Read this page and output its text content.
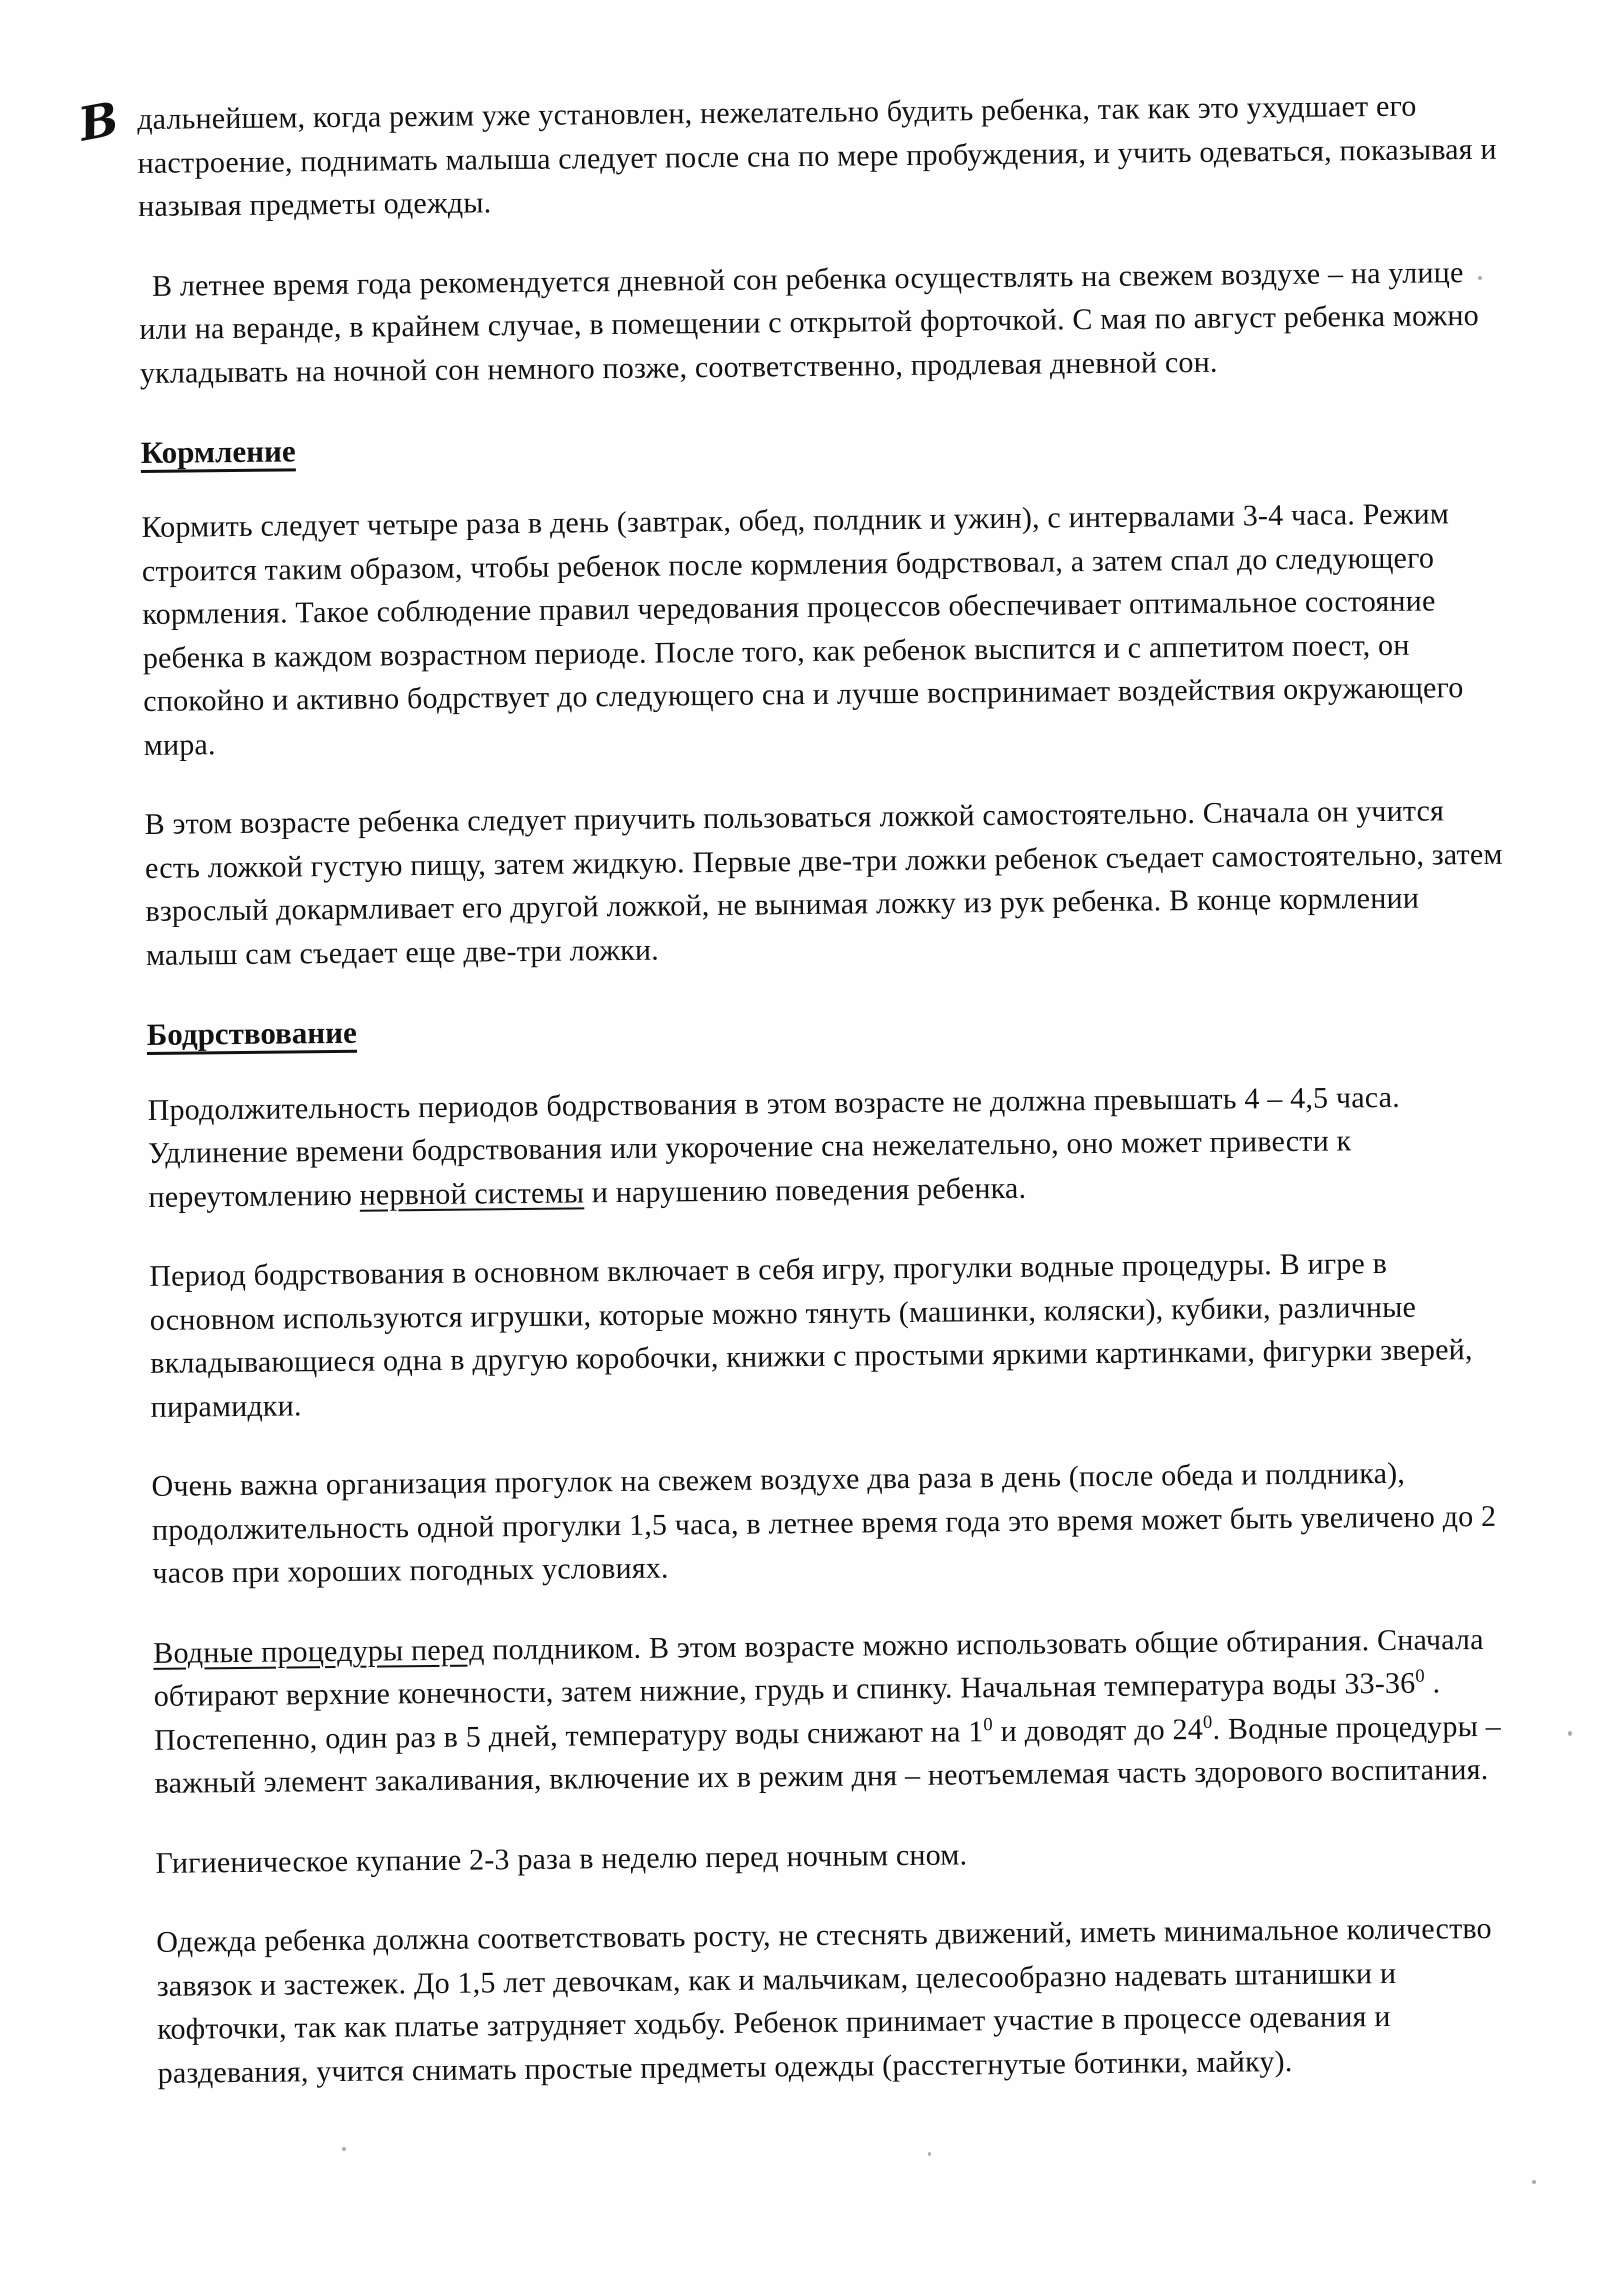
дальнейшем, когда режим уже установлен, нежелательно будить ребенка, так как это ухудшает его настроение, поднимать малыша следует после сна по мере пробуждения, и учить одеваться, показывая и называя предметы одежды.
В

В летнее время года рекомендуется дневной сон ребенка осуществлять на свежем воздухе – на улице или на веранде, в крайнем случае, в помещении с открытой форточкой. С мая по август ребенка можно укладывать на ночной сон немного позже, соответственно, продлевая дневной сон.

Кормление

Кормить следует четыре раза в день (завтрак, обед, полдник и ужин), с интервалами 3-4 часа. Режим строится таким образом, чтобы ребенок после кормления бодрствовал, а затем спал до следующего кормления. Такое соблюдение правил чередования процессов обеспечивает оптимальное состояние ребенка в каждом возрастном периоде. После того, как ребенок выспится и с аппетитом поест, он спокойно и активно бодрствует до следующего сна и лучше воспринимает воздействия окружающего мира.

В этом возрасте ребенка следует приучить пользоваться ложкой самостоятельно. Сначала он учится есть ложкой густую пищу, затем жидкую. Первые две-три ложки ребенок съедает самостоятельно, затем взрослый докармливает его другой ложкой, не вынимая ложку из рук ребенка. В конце кормлении малыш сам съедает еще две-три ложки.

Бодрствование

Продолжительность периодов бодрствования в этом возрасте не должна превышать 4 – 4,5 часа. Удлинение времени бодрствования или укорочение сна нежелательно, оно может привести к переутомлению нервной системы и нарушению поведения ребенка.

Период бодрствования в основном включает в себя игру, прогулки водные процедуры. В игре в основном используются игрушки, которые можно тянуть (машинки, коляски), кубики, различные вкладывающиеся одна в другую коробочки, книжки с простыми яркими картинками, фигурки зверей, пирамидки.

Очень важна организация прогулок на свежем воздухе два раза в день (после обеда и полдника), продолжительность одной прогулки 1,5 часа, в летнее время года это время может быть увеличено до 2 часов при хороших погодных условиях.

Водные процедуры перед полдником. В этом возрасте можно использовать общие обтирания. Сначала обтирают верхние конечности, затем нижние, грудь и спинку. Начальная температура воды $33-36^0$ . Постепенно, один раз в 5 дней, температуру воды снижают на $1^0$ и доводят до $24^0$. Водные процедуры – важный элемент закаливания, включение их в режим дня – неотъемлемая часть здорового воспитания.

Гигиеническое купание 2-3 раза в неделю перед ночным сном.

Одежда ребенка должна соответствовать росту, не стеснять движений, иметь минимальное количество завязок и застежек. До 1,5 лет девочкам, как и мальчикам, целесообразно надевать штанишки и кофточки, так как платье затрудняет ходьбу. Ребенок принимает участие в процессе одевания и раздевания, учится снимать простые предметы одежды (расстегнутые ботинки, майку).
